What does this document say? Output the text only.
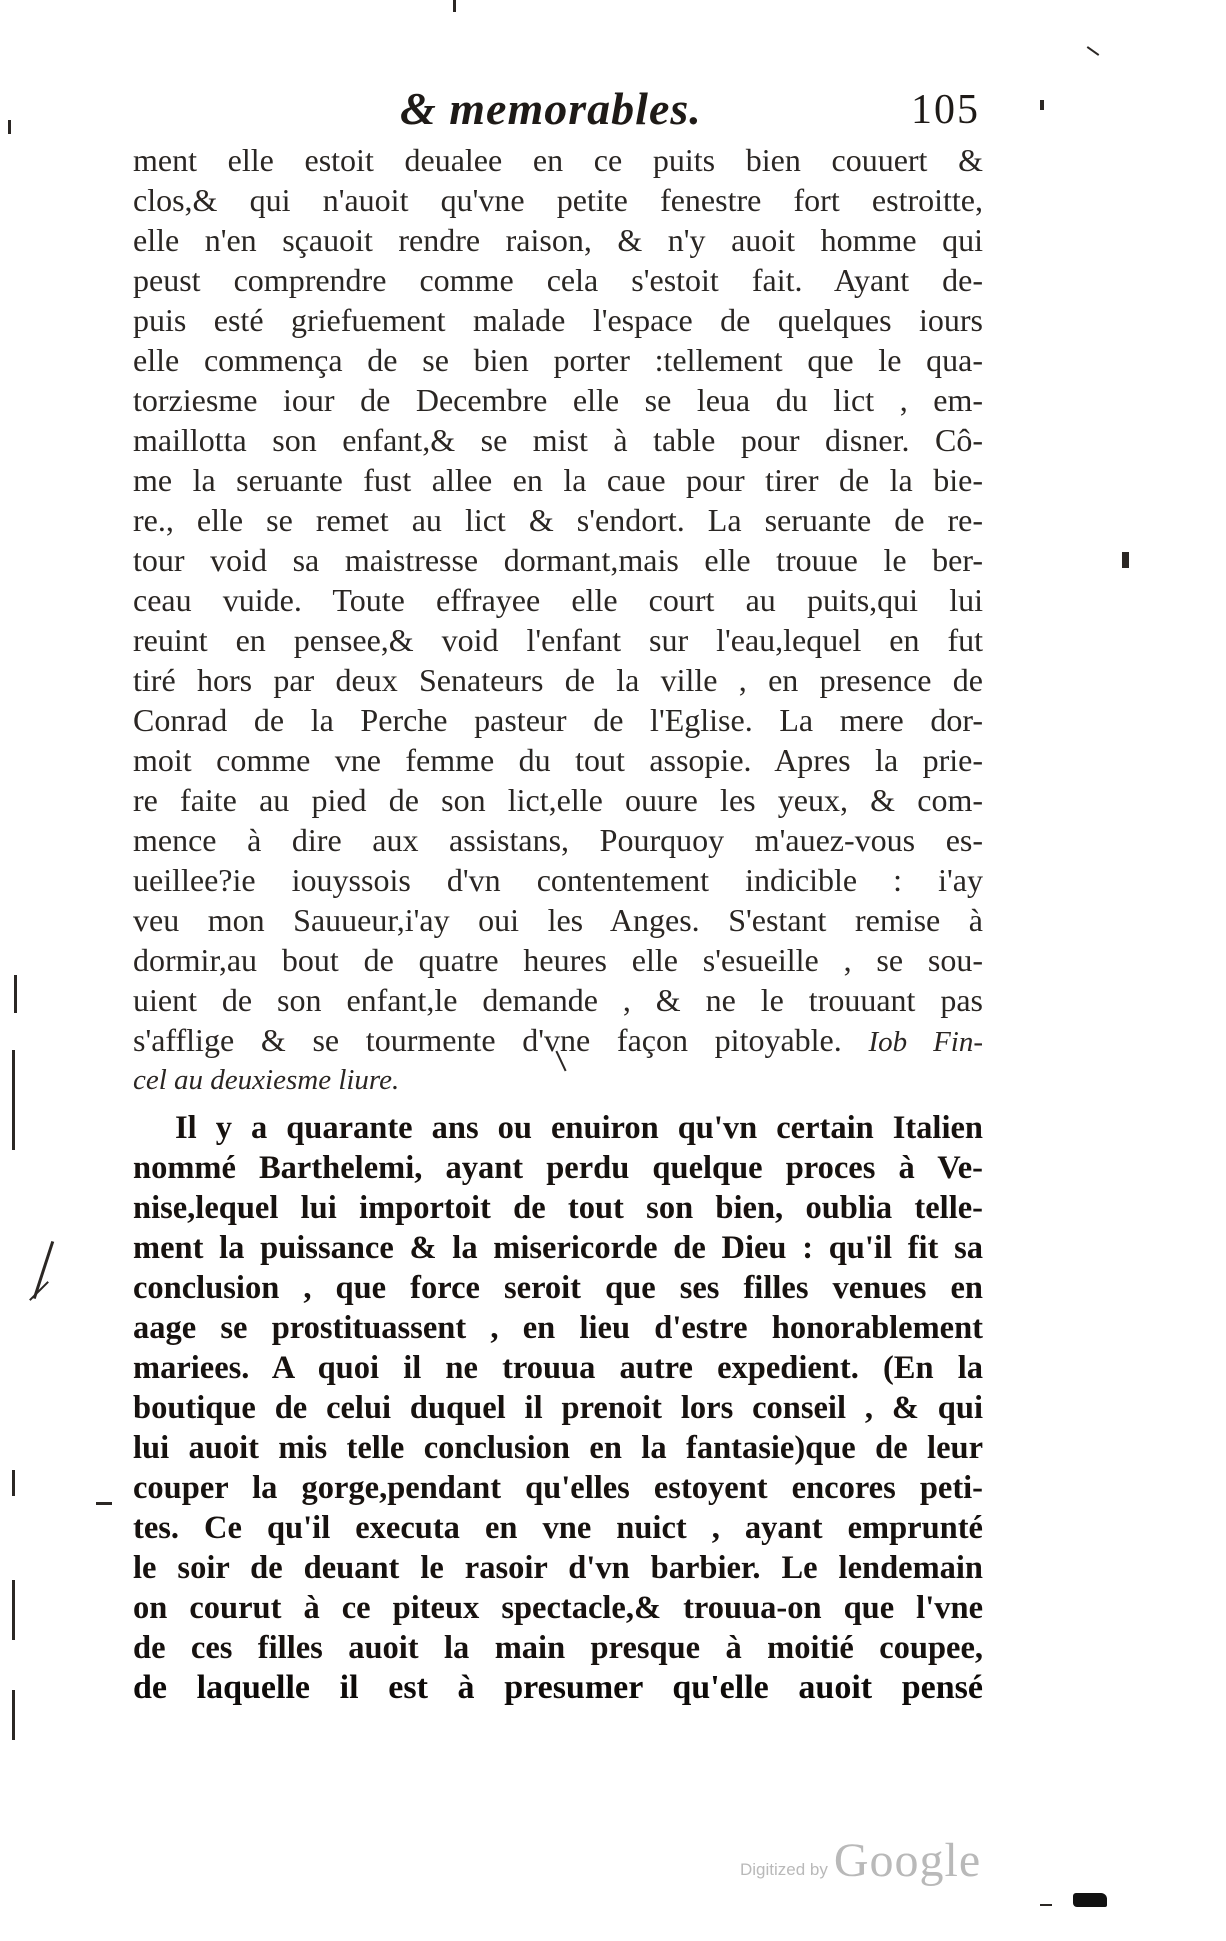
& memorables.	105
ment elle estoit deualee en ce puits bien couuert &
clos,& qui n'auoit qu'vne petite fenestre fort estroitte,
elle n'en sçauoit rendre raison, & n'y auoit homme qui
peust comprendre comme cela s'estoit fait. Ayant de-
puis esté griefuement malade l'espace de quelques iours
elle commença de se bien porter :tellement que le qua-
torziesme iour de Decembre elle se leua du lict , em-
maillotta son enfant,& se mist à table pour disner. Cô-
me la seruante fust allee en la caue pour tirer de la bie-
re., elle se remet au lict & s'endort. La seruante de re-
tour void sa maistresse dormant,mais elle trouue le ber-
ceau vuide. Toute effrayee elle court au puits,qui lui
reuint en pensee,& void l'enfant sur l'eau,lequel en fut
tiré hors par deux Senateurs de la ville , en presence de
Conrad de la Perche pasteur de l'Eglise. La mere dor-
moit comme vne femme du tout assopie. Apres la prie-
re faite au pied de son lict,elle ouure les yeux, & com-
mence à dire aux assistans, Pourquoy m'auez-vous es-
ueillee?ie iouyssois d'vn contentement indicible : i'ay
veu mon Sauueur,i'ay oui les Anges. S'estant remise à
dormir,au bout de quatre heures elle s'esueille , se sou-
uient de son enfant,le demande , & ne le trouuant pas
s'afflige & se tourmente d'vne façon pitoyable. Iob Fin-
cel au deuxiesme liure.
Il y a quarante ans ou enuiron qu'vn certain Italien
nommé Barthelemi, ayant perdu quelque proces à Ve-
nise,lequel lui importoit de tout son bien, oublia telle-
ment la puissance & la misericorde de Dieu : qu'il fit sa
conclusion , que force seroit que ses filles venues en
aage se prostituassent , en lieu d'estre honorablement
mariees. A quoi il ne trouua autre expedient. (En la
boutique de celui duquel il prenoit lors conseil , & qui
lui auoit mis telle conclusion en la fantasie)que de leur
couper la gorge,pendant qu'elles estoyent encores peti-
tes. Ce qu'il executa en vne nuict , ayant emprunté
le soir de deuant le rasoir d'vn barbier. Le lendemain
on courut à ce piteux spectacle,& trouua-on que l'vne
de ces filles auoit la main presque à moitié coupee,
de laquelle il est à presumer qu'elle auoit pensé
Digitized by Google
